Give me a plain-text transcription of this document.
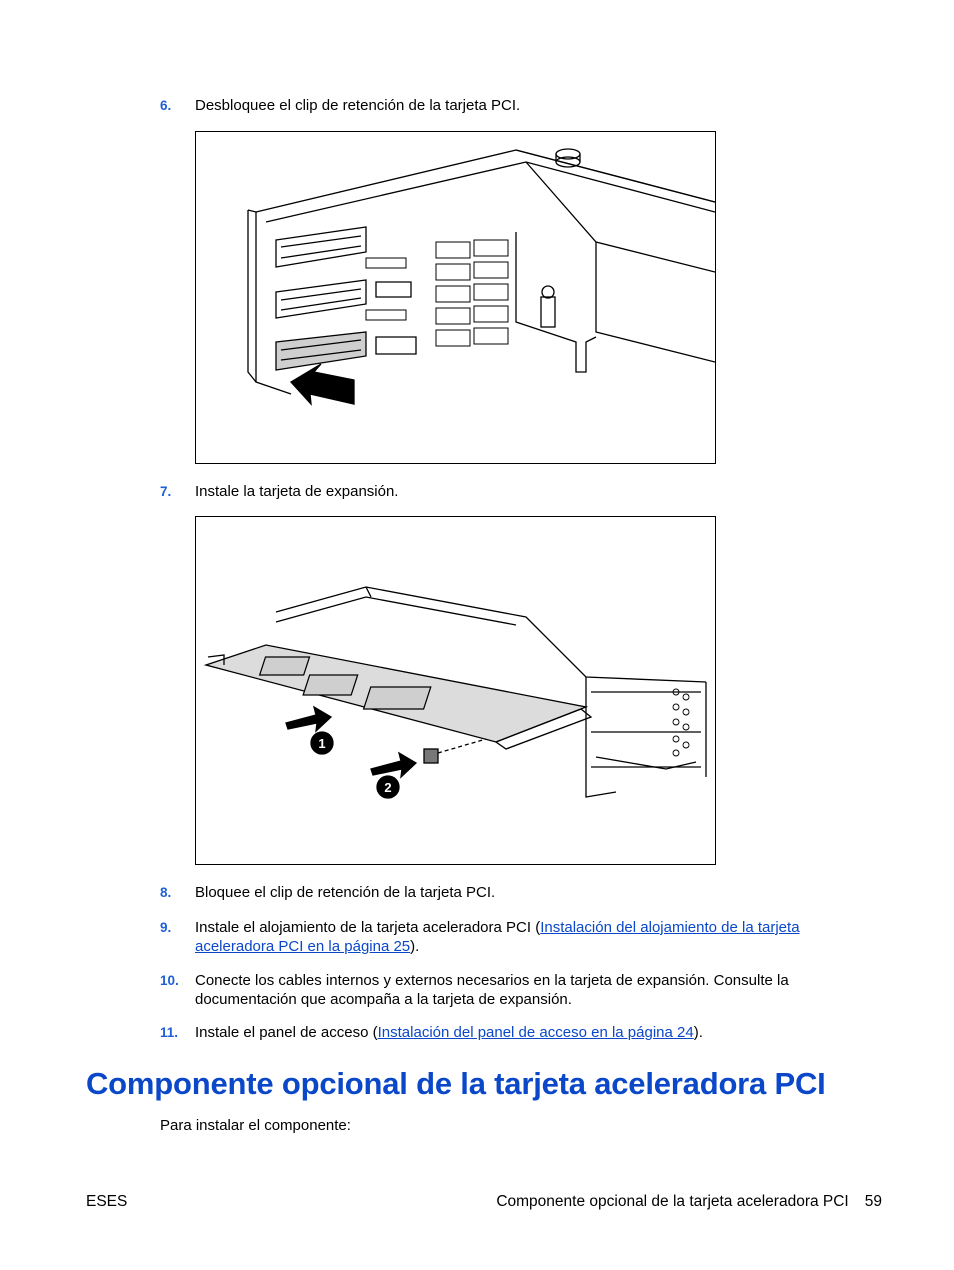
6. Desbloquee el clip de retención de la tarjeta PCI.
7. Instale la tarjeta de expansión.
1
2
8. Bloquee el clip de retención de la tarjeta PCI.
9. Instale el alojamiento de la tarjeta aceleradora PCI (Instalación del alojamiento de la tarjeta aceleradora PCI en la página 25).
10. Conecte los cables internos y externos necesarios en la tarjeta de expansión. Consulte la documentación que acompaña a la tarjeta de expansión.
11. Instale el panel de acceso (Instalación del panel de acceso en la página 24).
Componente opcional de la tarjeta aceleradora PCI
Para instalar el componente:
ESES	Componente opcional de la tarjeta aceleradora PCI 59
